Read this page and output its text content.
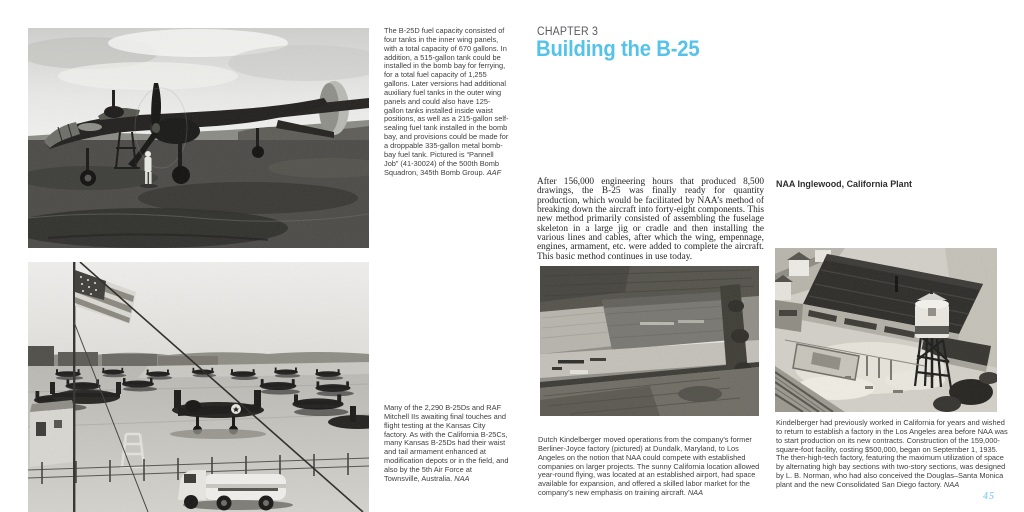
The B-25D fuel capacity consisted of four tanks in the inner wing panels, with a total capacity of 670 gallons. In addition, a 515-gallon tank could be installed in the bomb bay for ferrying, for a total fuel capacity of 1,255 gallons. Later versions had additional auxiliary fuel tanks in the outer wing panels and could also have 125-gallon tanks installed inside waist positions, as well as a 215-gallon self-sealing fuel tank installed in the bomb bay, and provisions could be made for a droppable 335-gallon metal bomb-bay fuel tank. Pictured is “Pannell Job” (41-30024) of the 500th Bomb Squadron, 345th Bomb Group. AAF
Many of the 2,290 B-25Ds and RAF Mitchell IIs awaiting final touches and flight testing at the Kansas City factory. As with the California B-25Cs, many Kansas B-25Ds had their waist and tail armament enhanced at modification depots or in the field, and also by the 5th Air Force at Townsville, Australia. NAA
CHAPTER 3
Building the B-25
After 156,000 engineering hours that produced 8,500 drawings, the B-25 was finally ready for quantity production, which would be facilitated by NAA’s method of breaking down the aircraft into forty-eight components. This new method primarily consisted of assembling the fuselage skeleton in a large jig or cradle and then installing the various lines and cables, after which the wing, empennage, engines, armament, etc. were added to complete the aircraft. This basic method continues in use today.
NAA Inglewood, California Plant
Dutch Kindelberger moved operations from the company’s former Berliner-Joyce factory (pictured) at Dundalk, Maryland, to Los Angeles on the notion that NAA could compete with established companies on larger projects. The sunny California location allowed year-round flying, was located at an established airport, had space available for expansion, and offered a skilled labor market for the company’s new emphasis on training aircraft. NAA
Kindelberger had previously worked in California for years and wished to return to establish a factory in the Los Angeles area before NAA was to start production on its new contracts. Construction of the 159,000-square-foot facility, costing $500,000, began on September 1, 1935. The then-high-tech factory, featuring the maximum utilization of space by alternating high bay sections with two-story sections, was designed by L. B. Norman, who had also conceived the Douglas–Santa Monica plant and the new Consolidated San Diego factory. NAA
45
